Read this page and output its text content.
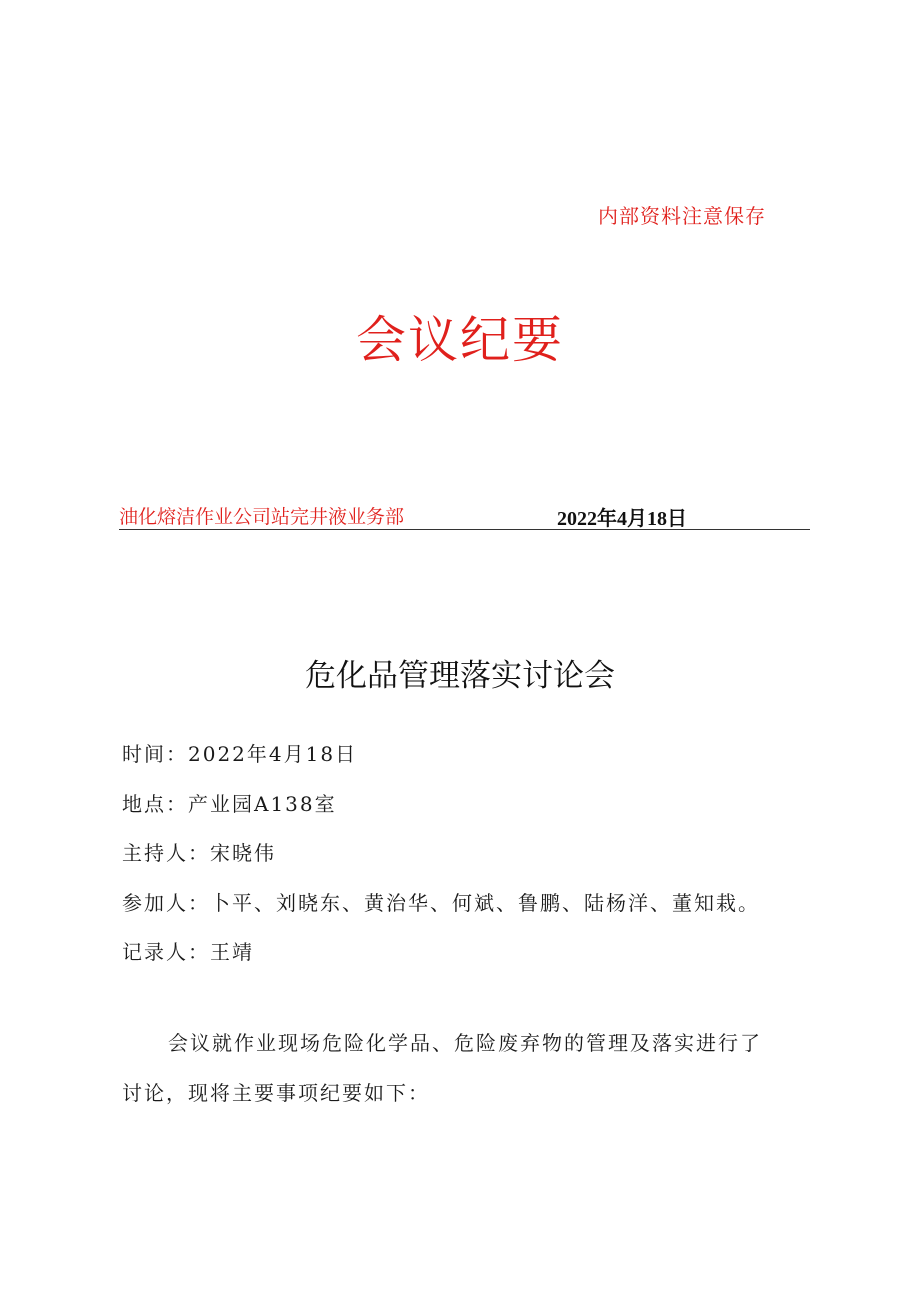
内部资料注意保存
会议纪要
油化熔洁作业公司站完井液业务部	2022年4月18日
危化品管理落实讨论会
时间：2022年4月18日
地点：产业园A138室
主持人：宋晓伟
参加人：卜平、刘晓东、黄治华、何斌、鲁鹏、陆杨洋、董知栽。
记录人：王靖
会议就作业现场危险化学品、危险废弃物的管理及落实进行了
讨论，现将主要事项纪要如下：
